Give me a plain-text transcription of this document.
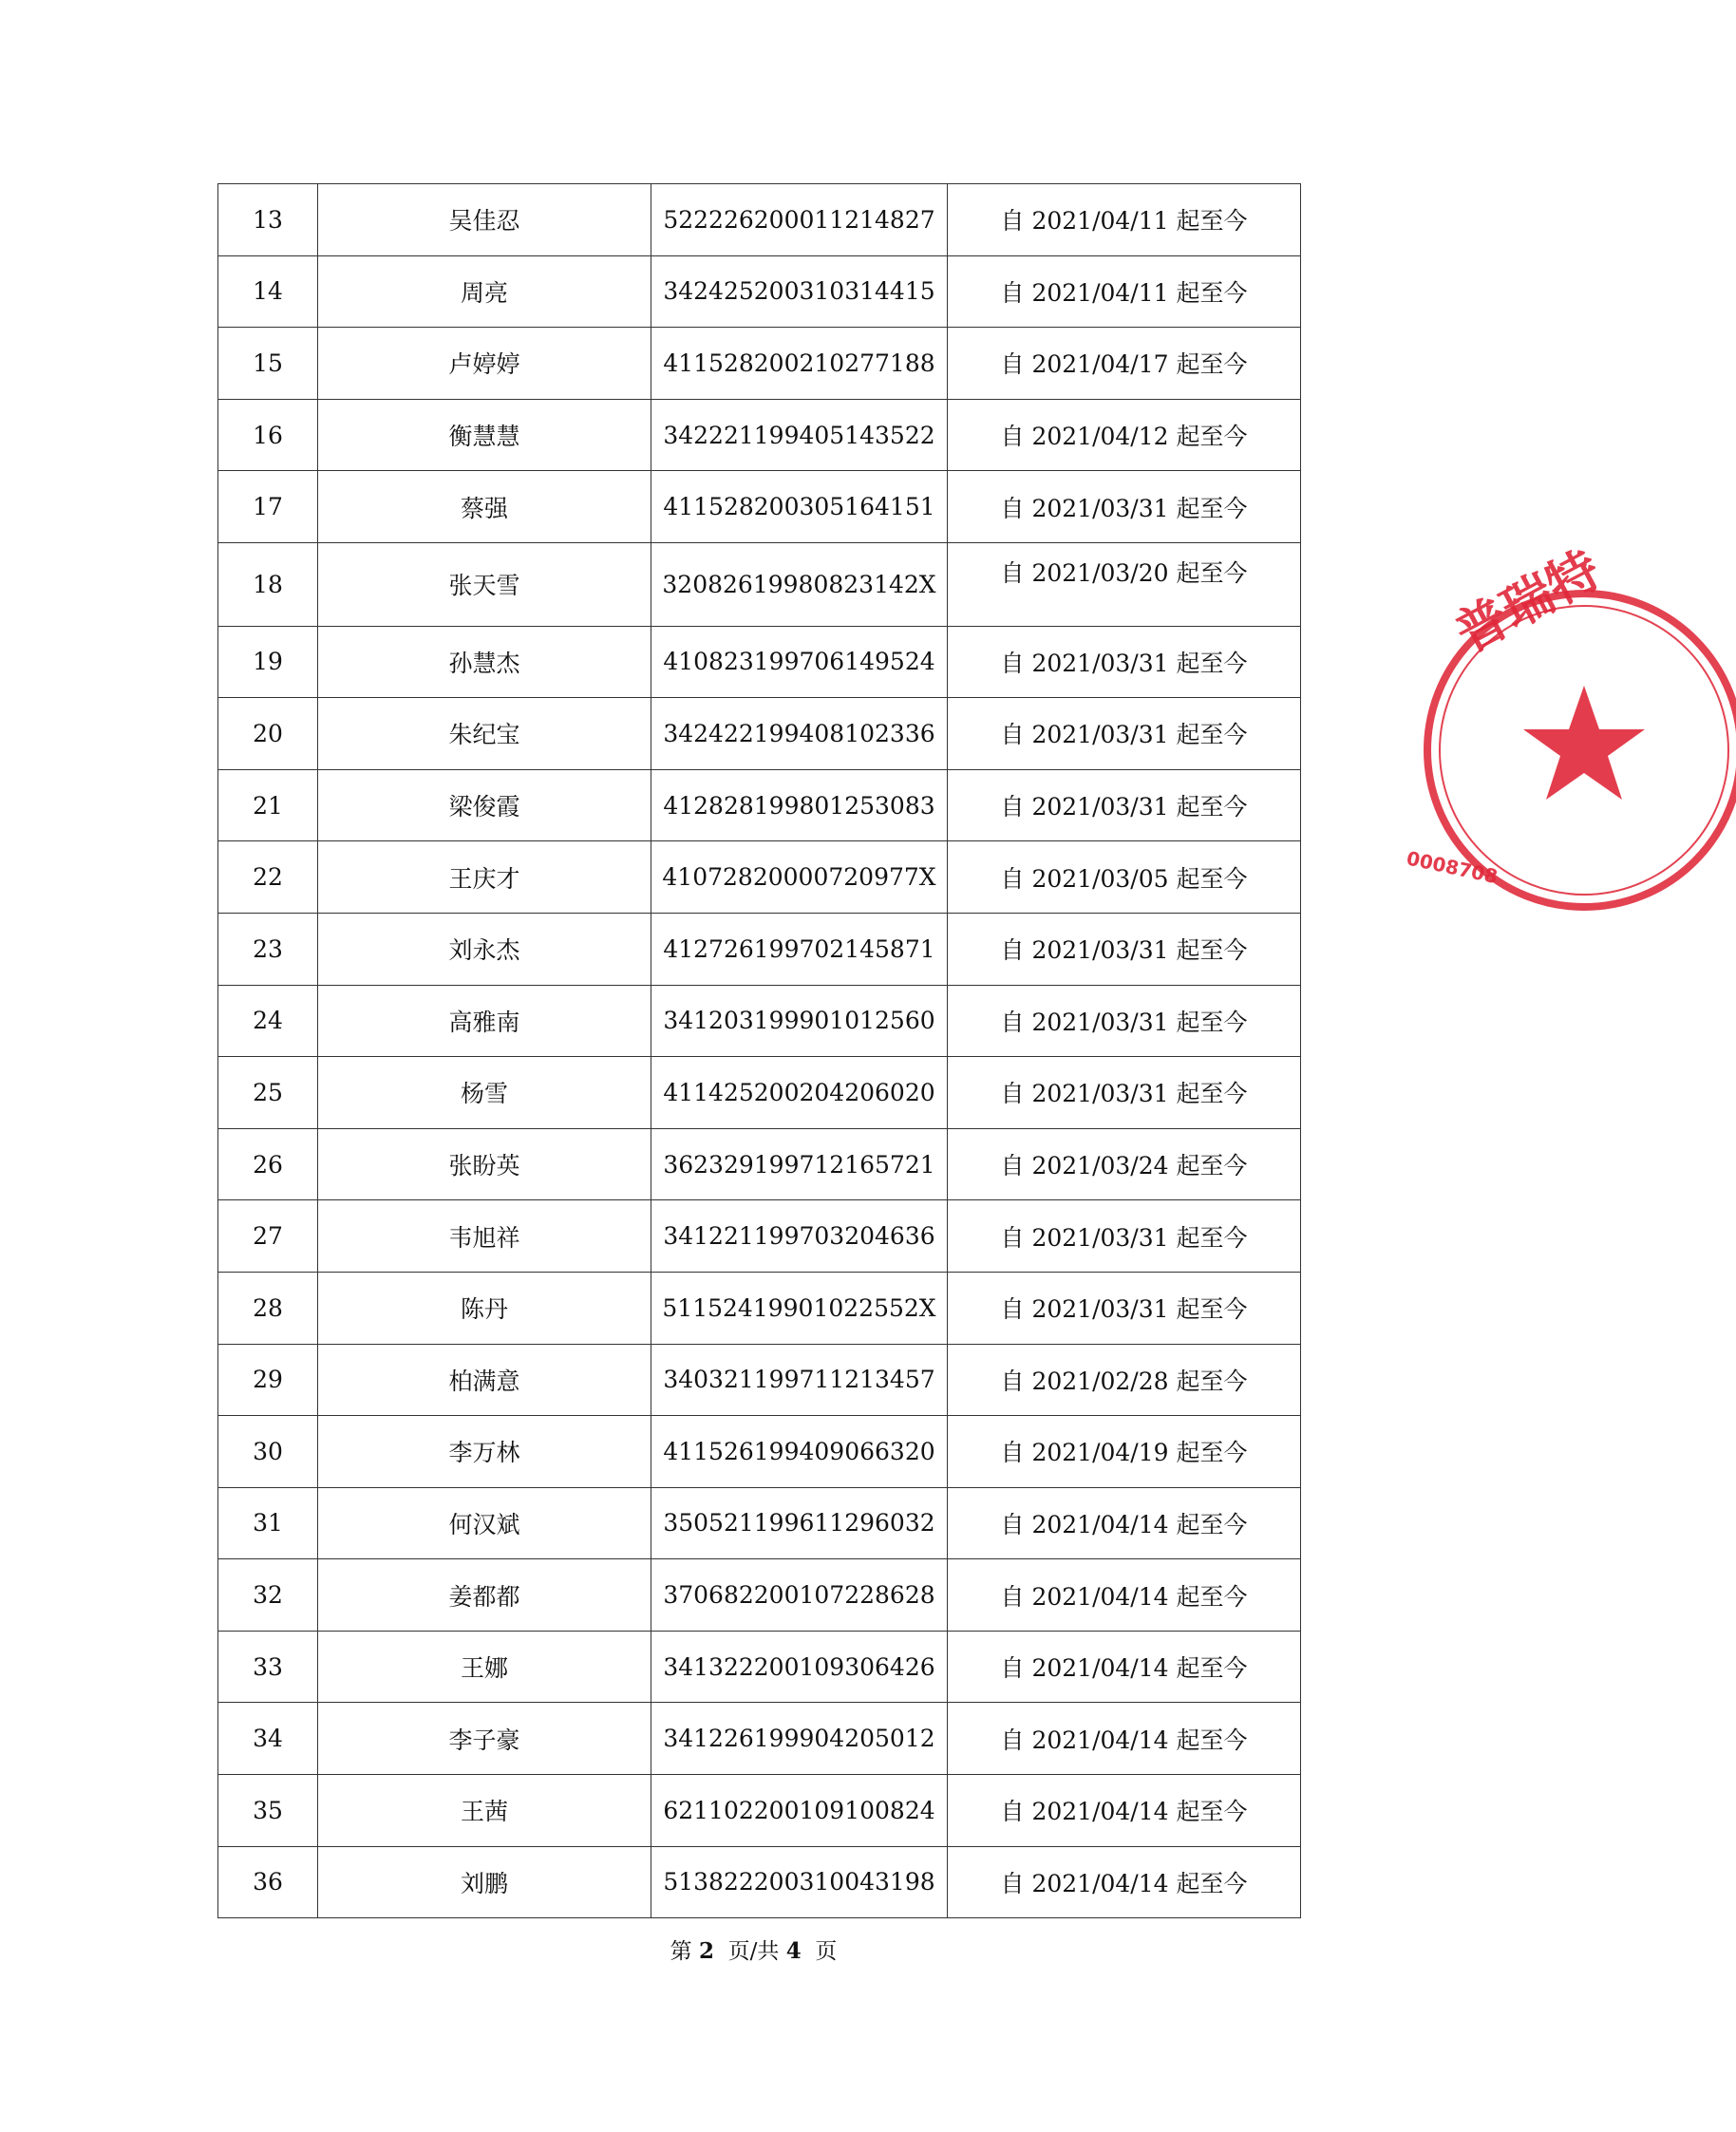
13	吴佳忍	522226200011214827	自 2021/04/11 起至今
14	周亮	342425200310314415	自 2021/04/11 起至今
15	卢婷婷	411528200210277188	自 2021/04/17 起至今
16	衡慧慧	342221199405143522	自 2021/04/12 起至今
17	蔡强	411528200305164151	自 2021/03/31 起至今
18	张天雪	32082619980823142X	自 2021/03/20 起至今
19	孙慧杰	410823199706149524	自 2021/03/31 起至今
20	朱纪宝	342422199408102336	自 2021/03/31 起至今
21	梁俊霞	412828199801253083	自 2021/03/31 起至今
22	王庆才	41072820000720977X	自 2021/03/05 起至今
23	刘永杰	412726199702145871	自 2021/03/31 起至今
24	高雅南	341203199901012560	自 2021/03/31 起至今
25	杨雪	411425200204206020	自 2021/03/31 起至今
26	张盼英	362329199712165721	自 2021/03/24 起至今
27	韦旭祥	341221199703204636	自 2021/03/31 起至今
28	陈丹	51152419901022552X	自 2021/03/31 起至今
29	柏满意	340321199711213457	自 2021/02/28 起至今
30	李万林	411526199409066320	自 2021/04/19 起至今
31	何汉斌	350521199611296032	自 2021/04/14 起至今
32	姜都都	370682200107228628	自 2021/04/14 起至今
33	王娜	341322200109306426	自 2021/04/14 起至今
34	李子豪	341226199904205012	自 2021/04/14 起至今
35	王茜	621102200109100824	自 2021/04/14 起至今
36	刘鹏	513822200310043198	自 2021/04/14 起至今
第 2 页/共 4 页
普瑞特
0008708
